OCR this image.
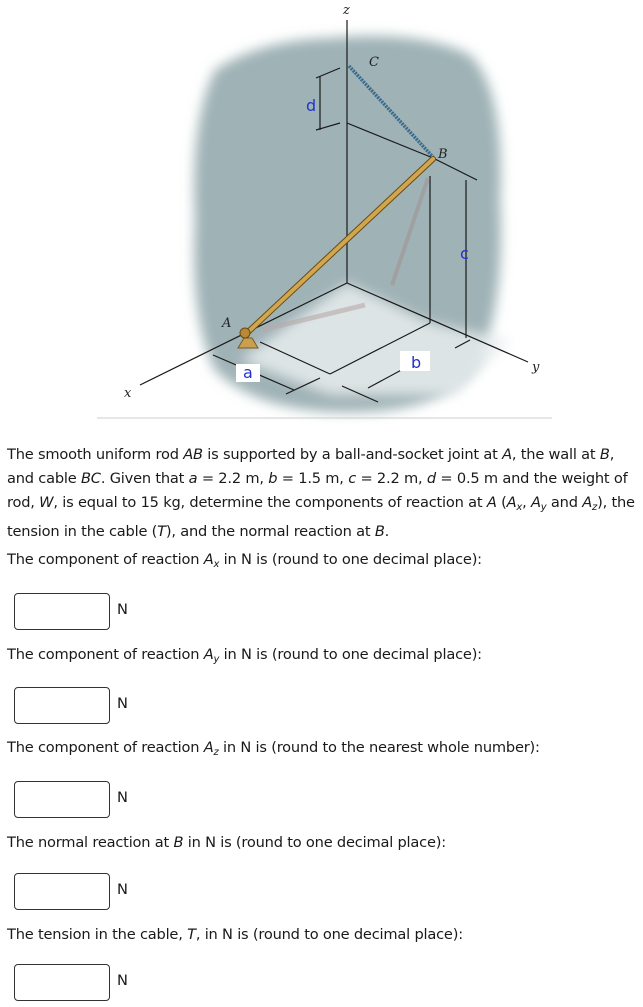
z
x
y
A
B
C
a
b
c
d
The smooth uniform rod AB is supported by a ball-and-socket joint at A, the wall at B, and cable BC. Given that a = 2.2 m, b = 1.5 m, c = 2.2 m, d = 0.5 m and the weight of rod, W, is equal to 15 kg, determine the components of reaction at A ($A_x$, $A_y$ and $A_z$), the tension in the cable (T), and the normal reaction at B.
The component of reaction $A_x$ in N is (round to one decimal place):
N
The component of reaction $A_y$ in N is (round to one decimal place):
N
The component of reaction $A_z$ in N is (round to the nearest whole number):
N
The normal reaction at B in N is (round to one decimal place):
N
The tension in the cable, T, in N is (round to one decimal place):
N
